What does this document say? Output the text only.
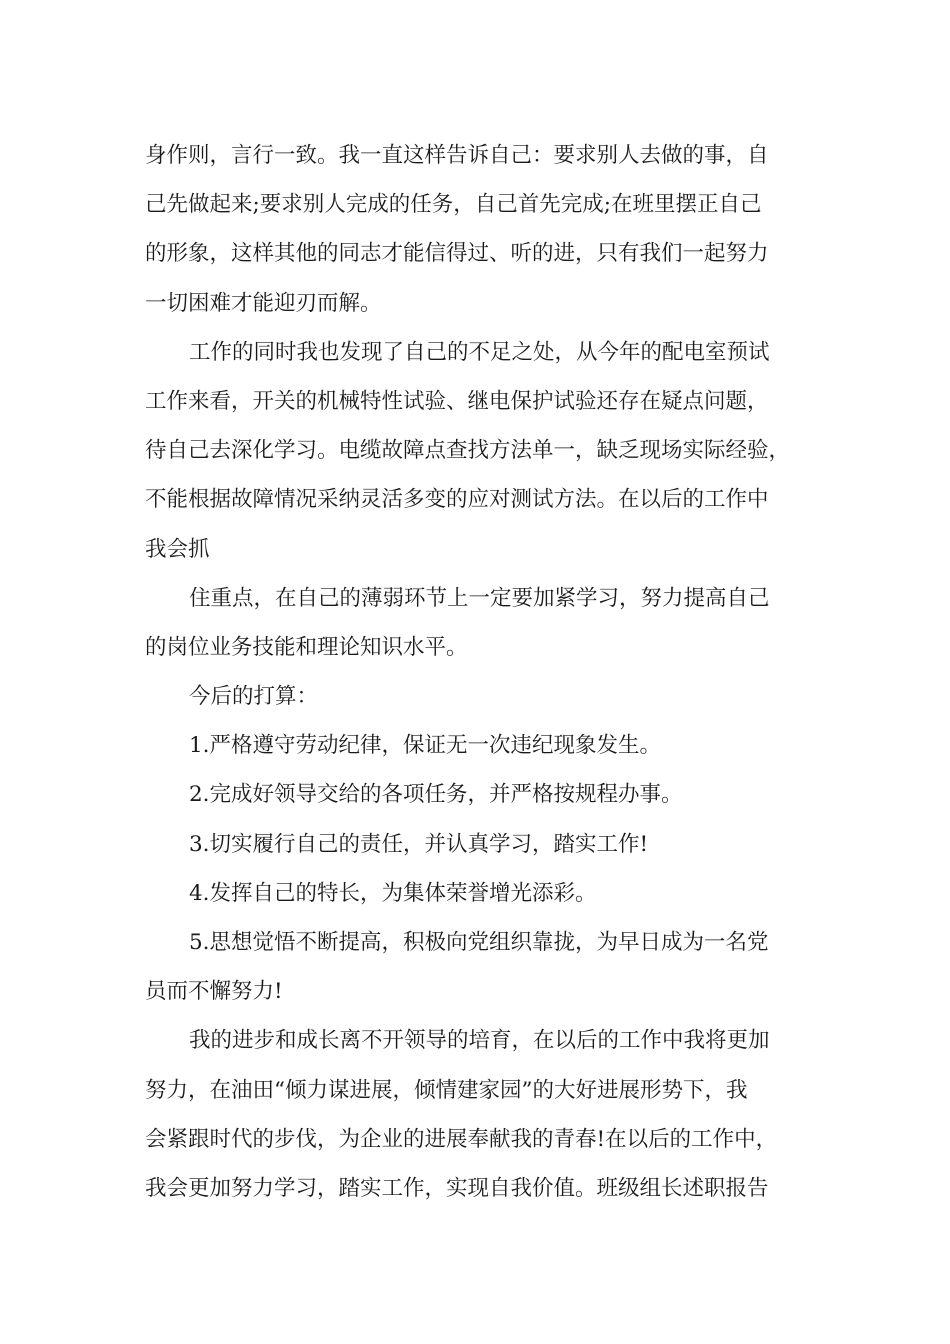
身作则，言行一致。我一直这样告诉自己：要求别人去做的事，自
己先做起来;要求别人完成的任务，自己首先完成;在班里摆正自己
的形象，这样其他的同志才能信得过、听的进，只有我们一起努力
一切困难才能迎刃而解。
工作的同时我也发现了自己的不足之处，从今年的配电室预试
工作来看，开关的机械特性试验、继电保护试验还存在疑点问题，
待自己去深化学习。电缆故障点查找方法单一，缺乏现场实际经验，
不能根据故障情况采纳灵活多变的应对测试方法。在以后的工作中
我会抓
住重点，在自己的薄弱环节上一定要加紧学习，努力提高自己
的岗位业务技能和理论知识水平。
今后的打算：
1.严格遵守劳动纪律，保证无一次违纪现象发生。
2.完成好领导交给的各项任务，并严格按规程办事。
3.切实履行自己的责任，并认真学习，踏实工作!
4.发挥自己的特长，为集体荣誉增光添彩。
5.思想觉悟不断提高，积极向党组织靠拢，为早日成为一名党
员而不懈努力!
我的进步和成长离不开领导的培育，在以后的工作中我将更加
努力，在油田“倾力谋进展，倾情建家园”的大好进展形势下，我
会紧跟时代的步伐，为企业的进展奉献我的青春!在以后的工作中，
我会更加努力学习，踏实工作，实现自我价值。班级组长述职报告
